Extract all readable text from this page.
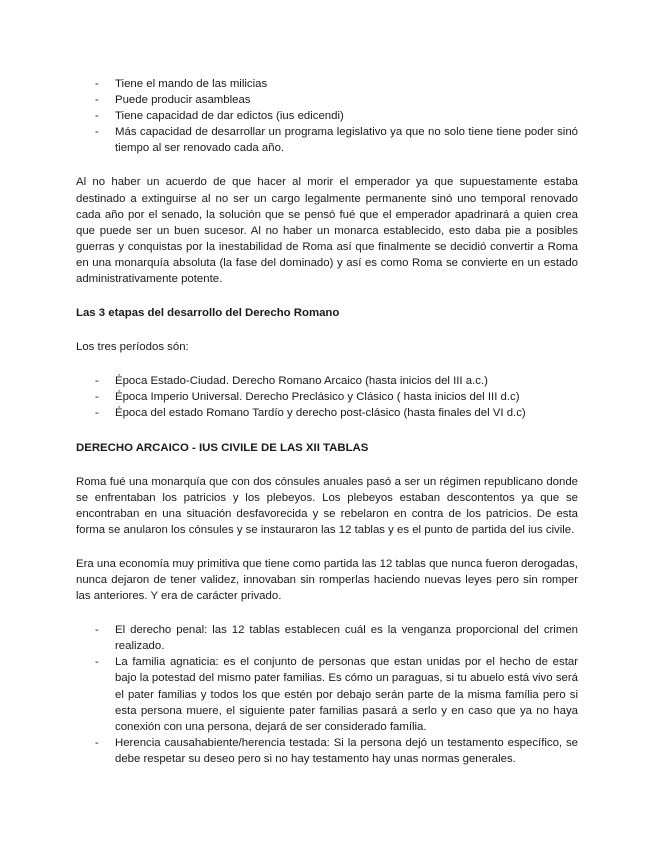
- Tiene el mando de las milicias
- Puede producir asambleas
- Tiene capacidad de dar edictos (ius edicendi)
- Más capacidad de desarrollar un programa legislativo ya que no solo tiene tiene poder sinó tiempo al ser renovado cada año.

Al no haber un acuerdo de que hacer al morir el emperador ya que supuestamente estaba destinado a extinguirse al no ser un cargo legalmente permanente sinó uno temporal renovado cada año por el senado, la solución que se pensó fué que el emperador apadrinará a quien crea que puede ser un buen sucesor. Al no haber un monarca establecido, esto daba pie a posibles guerras y conquistas por la inestabilidad de Roma así que finalmente se decidió convertir a Roma en una monarquía absoluta (la fase del dominado) y así es como Roma se convierte en un estado administrativamente potente.

Las 3 etapas del desarrollo del Derecho Romano

Los tres períodos són:

- Época Estado-Ciudad. Derecho Romano Arcaico (hasta inicios del III a.c.)
- Época Imperio Universal. Derecho Preclásico y Clásico ( hasta inicios del III d.c)
- Época del estado Romano Tardío y derecho post-clásico (hasta finales del VI d.c)
DERECHO ARCAICO - IUS CIVILE DE LAS XII TABLAS

Roma fué una monarquía que con dos cónsules anuales pasó a ser un régimen republicano donde se enfrentaban los patricios y los plebeyos. Los plebeyos estaban descontentos ya que se encontraban en una situación desfavorecida y se rebelaron en contra de los patricios. De esta forma se anularon los cónsules y se instauraron las 12 tablas y es el punto de partida del ius civile.

Era una economía muy primitiva que tiene como partida las 12 tablas que nunca fueron derogadas, nunca dejaron de tener validez, innovaban sin romperlas haciendo nuevas leyes pero sin romper las anteriores. Y era de carácter privado.

- El derecho penal: las 12 tablas establecen cuál es la venganza proporcional del crimen realizado.
- La familia agnaticia: es el conjunto de personas que estan unidas por el hecho de estar bajo la potestad del mismo pater familias. Es cómo un paraguas, si tu abuelo está vivo será el pater familias y todos los que estén por debajo serán parte de la misma família pero si esta persona muere, el siguiente pater familias pasará a serlo y en caso que ya no haya conexión con una persona, dejará de ser considerado família.
- Herencia causahabiente/herencia testada: Si la persona dejó un testamento específico, se debe respetar su deseo pero si no hay testamento hay unas normas generales.
